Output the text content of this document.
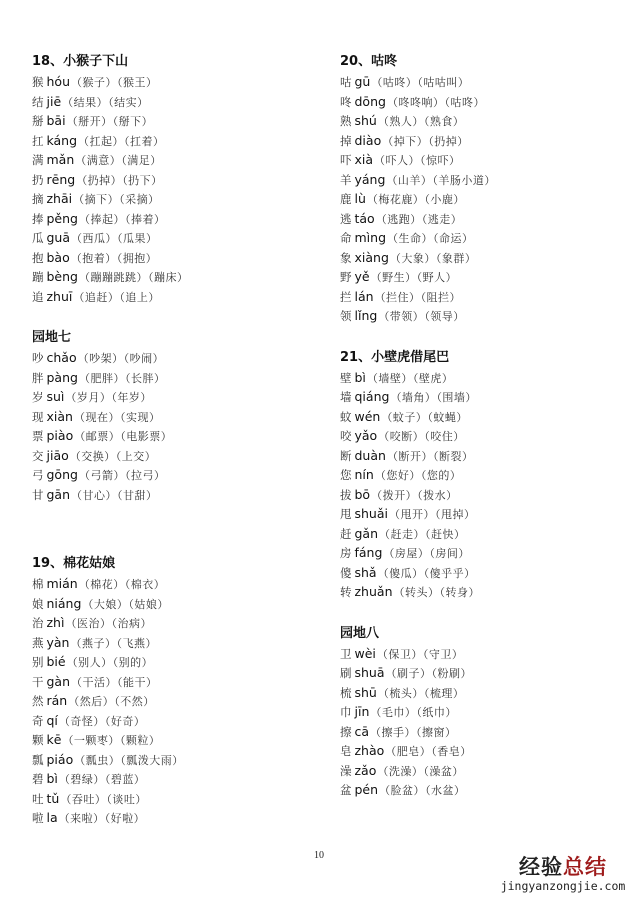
18、小猴子下山
猴 hóu（猴子）（猴王）
结 jiē（结果）（结实）
掰 bāi（掰开）（掰下）
扛 káng（扛起）（扛着）
满 mǎn（满意）（满足）
扔 rēng（扔掉）（扔下）
摘 zhāi（摘下）（采摘）
捧 pěng（捧起）（捧着）
瓜 guā（西瓜）（瓜果）
抱 bào（抱着）（拥抱）
蹦 bèng（蹦蹦跳跳）（蹦床）
追 zhuī（追赶）（追上）
园地七
吵 chǎo（吵架）（吵闹）
胖 pàng（肥胖）（长胖）
岁 suì（岁月）（年岁）
现 xiàn（现在）（实现）
票 piào（邮票）（电影票）
交 jiāo（交换）（上交）
弓 gōng（弓箭）（拉弓）
甘 gān（甘心）（甘甜）
19、棉花姑娘
棉 mián（棉花）（棉衣）
娘 niáng（大娘）（姑娘）
治 zhì（医治）（治病）
燕 yàn（燕子）（飞燕）
别 bié（别人）（别的）
干 gàn（干活）（能干）
然 rán（然后）（不然）
奇 qí（奇怪）（好奇）
颗 kē（一颗枣）（颗粒）
瓢 piáo（瓢虫）（瓢泼大雨）
碧 bì（碧绿）（碧蓝）
吐 tǔ（吞吐）（谈吐）
啦 la（来啦）（好啦）
20、咕咚
咕 gū（咕咚）（咕咕叫）
咚 dōng（咚咚响）（咕咚）
熟 shú（熟人）（熟食）
掉 diào（掉下）（扔掉）
吓 xià（吓人）（惊吓）
羊 yáng（山羊）（羊肠小道）
鹿 lù（梅花鹿）（小鹿）
逃 táo（逃跑）（逃走）
命 mìng（生命）（命运）
象 xiàng（大象）（象群）
野 yě（野生）（野人）
拦 lán（拦住）（阻拦）
领 lǐng（带领）（领导）
21、小壁虎借尾巴
壁 bì（墙壁）（壁虎）
墙 qiáng（墙角）（围墙）
蚊 wén（蚊子）（蚊蝇）
咬 yǎo（咬断）（咬住）
断 duàn（断开）（断裂）
您 nín（您好）（您的）
拔 bō（拨开）（拨水）
甩 shuǎi（甩开）（甩掉）
赶 gǎn（赶走）（赶快）
房 fáng（房屋）（房间）
傻 shǎ（傻瓜）（傻乎乎）
转 zhuǎn（转头）（转身）
园地八
卫 wèi（保卫）（守卫）
刷 shuā（刷子）（粉刷）
梳 shū（梳头）（梳理）
巾 jīn（毛巾）（纸巾）
擦 cā（擦手）（擦窗）
皂 zhào（肥皂）（香皂）
澡 zǎo（洗澡）（澡盆）
盆 pén（脸盆）（水盆）
10	经验总结
jingyanzongjie.com
